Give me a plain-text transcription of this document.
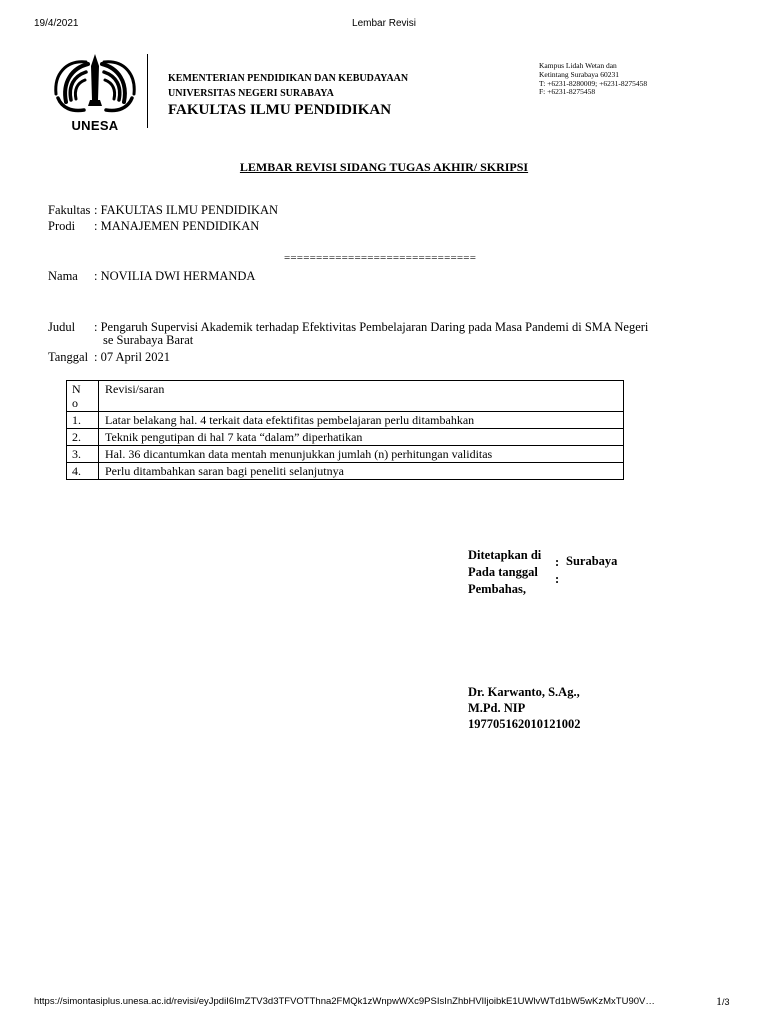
19/4/2021	Lembar Revisi
UNESA
KEMENTERIAN PENDIDIKAN DAN KEBUDAYAAN
UNIVERSITAS NEGERI SURABAYA
FAKULTAS ILMU PENDIDIKAN
Kampus Lidah Wetan dan
Ketintang Surabaya 60231
T: +6231-8280009; +6231-8275458
F: +6231-8275458
LEMBAR REVISI SIDANG TUGAS AKHIR/ SKRIPSI
Fakultas : FAKULTAS ILMU PENDIDIKAN
Prodi : MANAJEMEN PENDIDIKAN
==============================
Nama : NOVILIA DWI HERMANDA
Judul : Pengaruh Supervisi Akademik terhadap Efektivitas Pembelajaran Daring pada Masa Pandemi di SMA Negeri
se Surabaya Barat
Tanggal : 07 April 2021
N
o	Revisi/saran
1.	Latar belakang hal. 4 terkait data efektifitas pembelajaran perlu ditambahkan
2.	Teknik pengutipan di hal 7 kata “dalam” diperhatikan
3.	Hal. 36 dicantumkan data mentah menunjukkan jumlah (n) perhitungan validitas
4.	Perlu ditambahkan saran bagi peneliti selanjutnya
Ditetapkan di : Surabaya
Pada tanggal :
Pembahas,
Dr. Karwanto, S.Ag.,
M.Pd. NIP
197705162010121002
https://simontasiplus.unesa.ac.id/revisi/eyJpdiI6ImZTV3d3TFVOTThna2FMQk1zWnpwWXc9PSIsInZhbHVlIjoibkE1UWlvWTd1bW5wKzMxTU90V…	1/3
